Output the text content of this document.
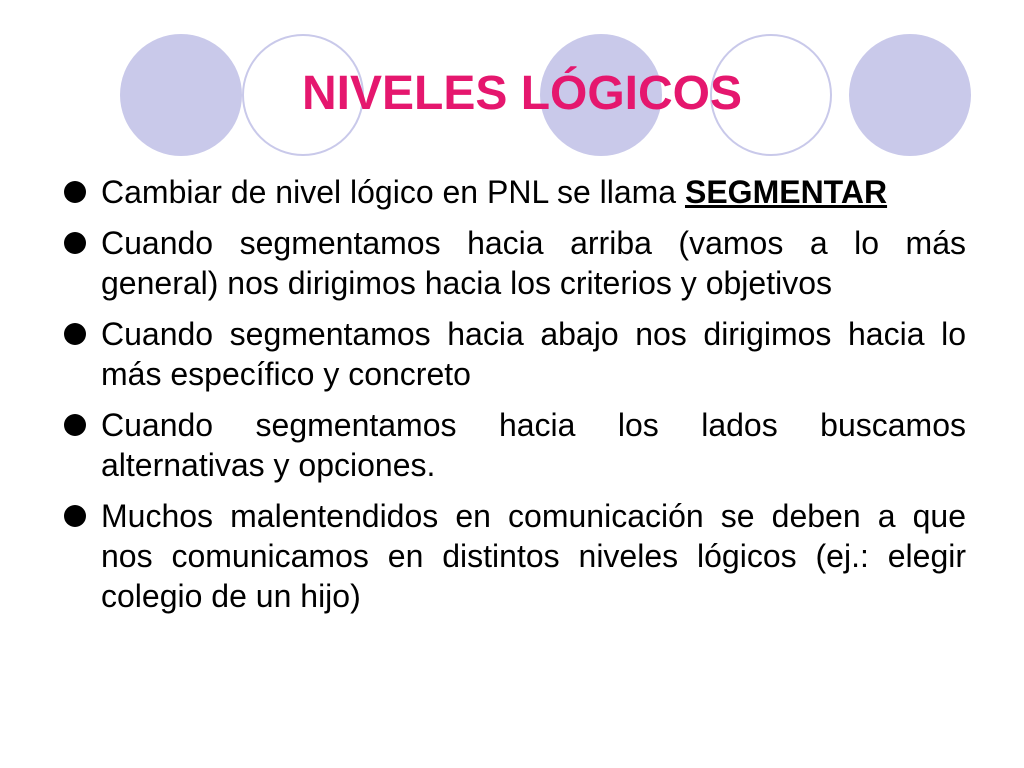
NIVELES LÓGICOS
Cambiar de nivel lógico en PNL se llama SEGMENTAR
Cuando segmentamos hacia arriba (vamos a lo más general) nos dirigimos hacia los criterios y objetivos
Cuando segmentamos hacia abajo nos dirigimos hacia lo más específico y concreto
Cuando segmentamos hacia los lados buscamos alternativas y opciones.
Muchos malentendidos en comunicación se deben a que nos comunicamos en distintos niveles lógicos (ej.: elegir colegio de un hijo)
